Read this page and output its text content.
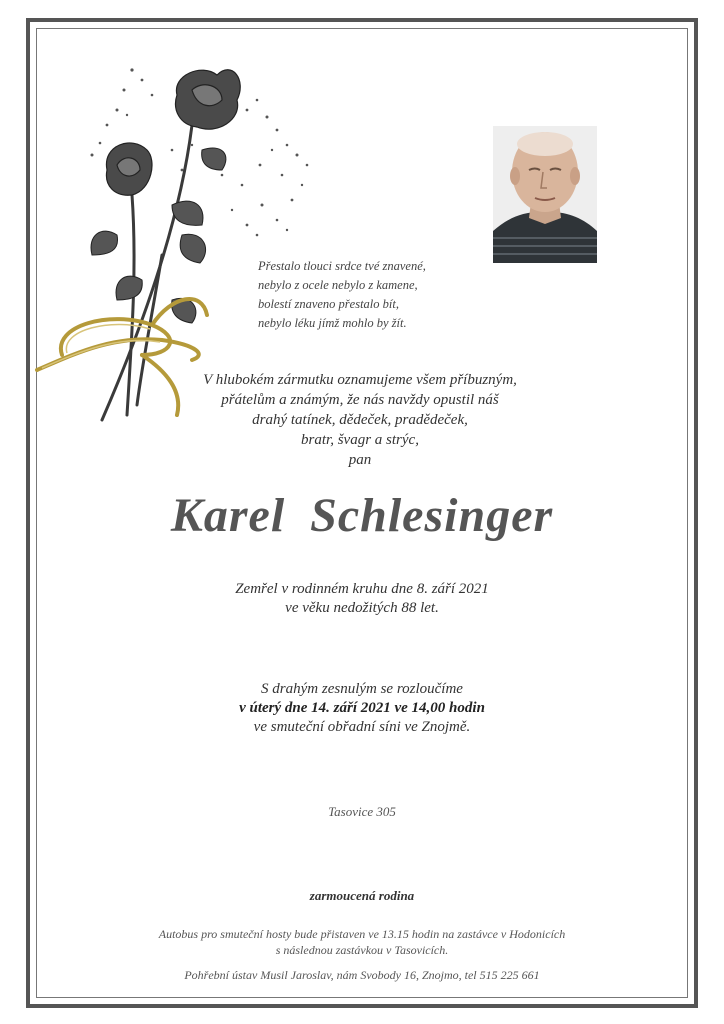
Přestalo tlouci srdce tvé znavené,
nebylo z ocele nebylo z kamene,
bolestí znaveno přestalo bít,
nebylo léku jímž mohlo by žít.
V hlubokém zármutku oznamujeme všem příbuzným,
přátelům a známým, že nás navždy opustil náš
drahý tatínek, dědeček, pradědeček,
bratr, švagr a strýc,
pan
Karel Schlesinger
Zemřel v rodinném kruhu dne 8. září 2021
ve věku nedožitých 88 let.
S drahým zesnulým se rozloučíme
v úterý dne 14. září 2021 ve 14,00 hodin
ve smuteční obřadní síni ve Znojmě.
Tasovice 305
zarmoucená rodina
Autobus pro smuteční hosty bude přistaven ve 13.15 hodin na zastávce v Hodonicích
s následnou zastávkou v Tasovicích.
Pohřební ústav Musil Jaroslav, nám Svobody 16, Znojmo, tel 515 225 661
